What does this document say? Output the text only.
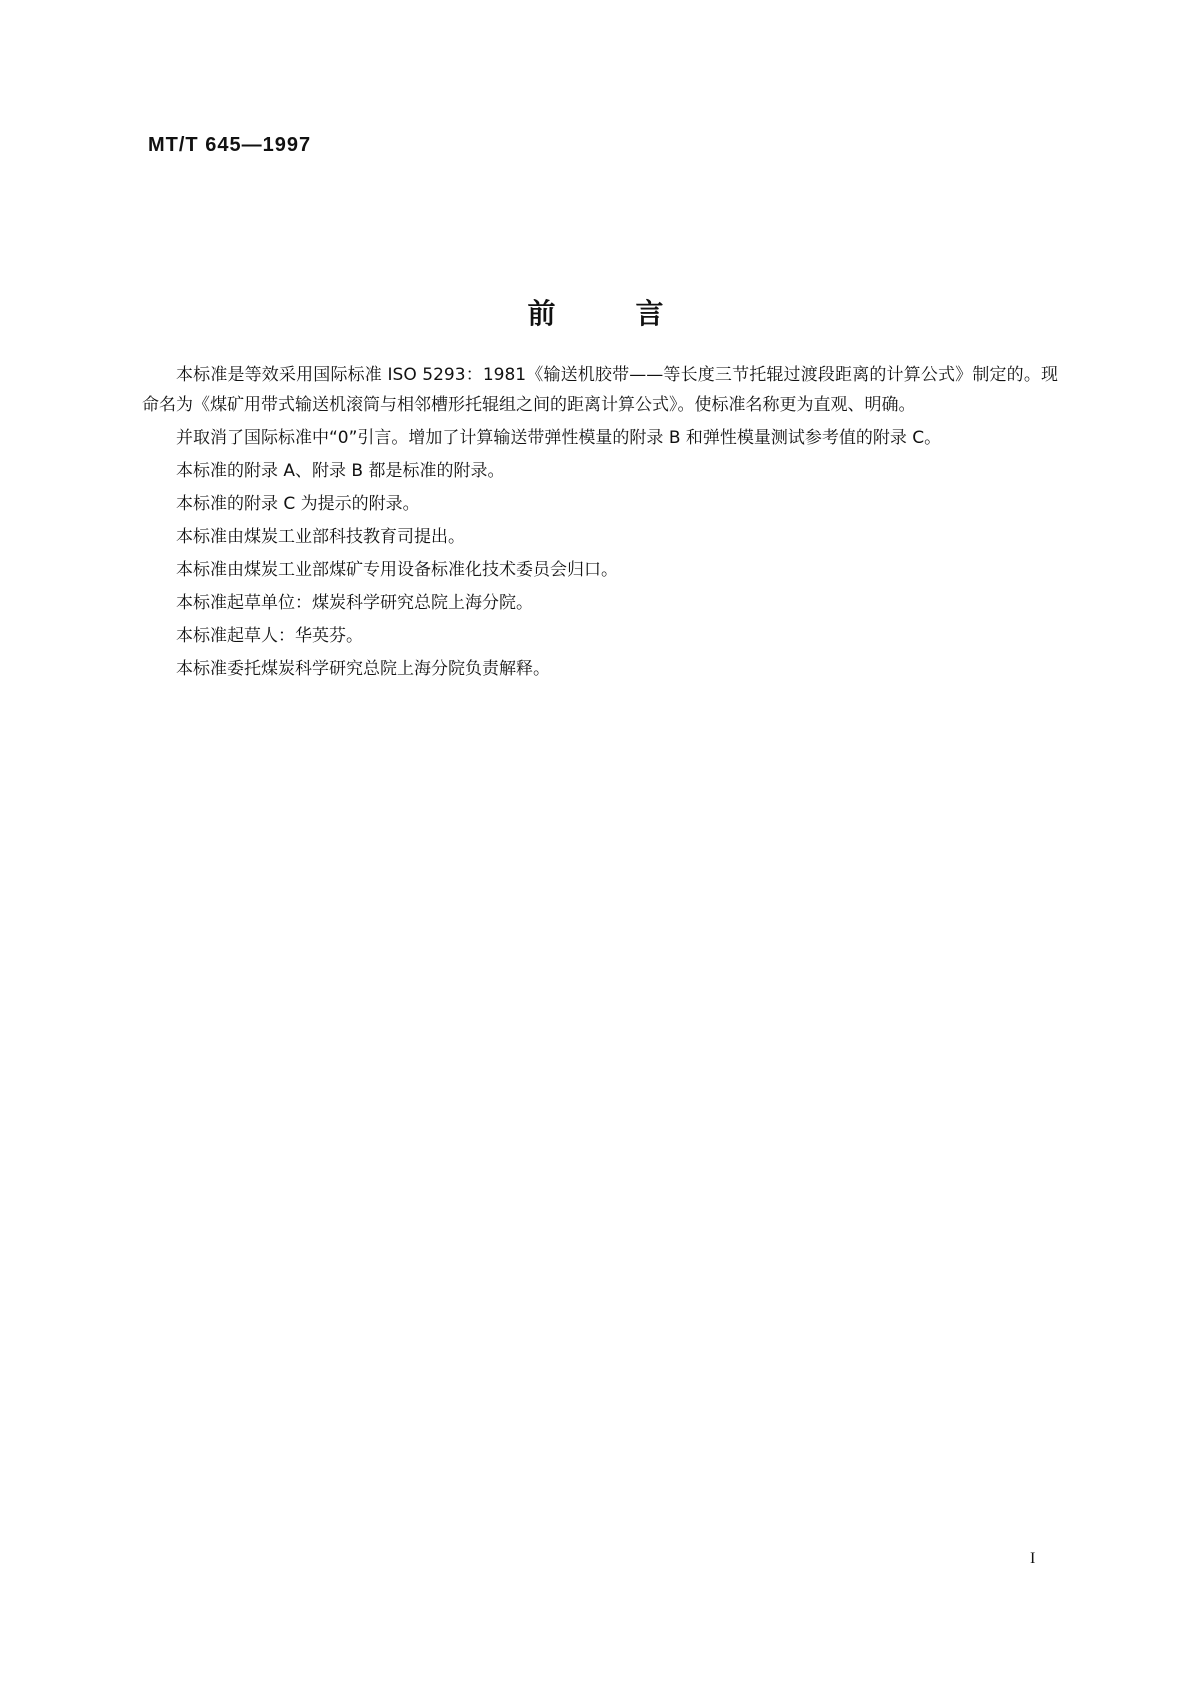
MT/T 645—1997
前	言

本标准是等效采用国际标准 ISO 5293：1981《输送机胶带——等长度三节托辊过渡段距离的计算公式》制定的。现命名为《煤矿用带式输送机滚筒与相邻槽形托辊组之间的距离计算公式》。使标准名称更为直观、明确。

并取消了国际标准中“0”引言。增加了计算输送带弹性模量的附录 B 和弹性模量测试参考值的附录 C。

本标准的附录 A、附录 B 都是标准的附录。

本标准的附录 C 为提示的附录。

本标准由煤炭工业部科技教育司提出。

本标准由煤炭工业部煤矿专用设备标准化技术委员会归口。

本标准起草单位：煤炭科学研究总院上海分院。

本标准起草人：华英芬。

本标准委托煤炭科学研究总院上海分院负责解释。

I
